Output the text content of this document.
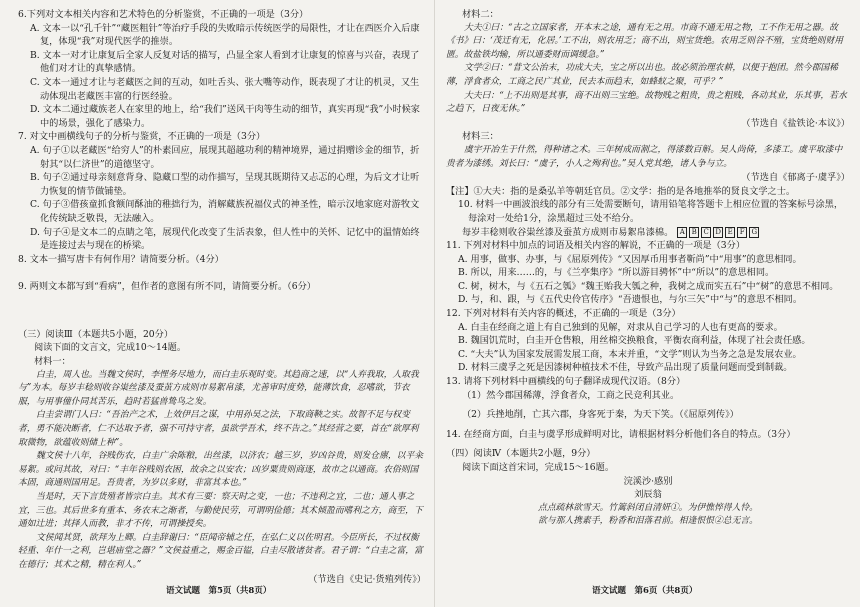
6.下列对文本相关内容和艺术特色的分析鉴赏，不正确的一项是（3分）

A. 文本一以“孔千针”“藏医粗针”等治疗手段的失败暗示传统医学的局限性，才让在西医介入后康复，体现“我”对现代医学的推崇。

B. 文本一对才让康复后全家人反复对话的描写，凸显全家人看到才让康复的惊喜与兴奋，表现了他们对才让的真挚感情。

C. 文本一通过才让与老藏医之间的互动，如吐舌头、张大嘴等动作，既表现了才让的机灵，又生动体现出老藏医丰富的行医经验。

D. 文本二通过藏族老人在家里的地上，给“我们”送风干肉等生动的细节，真实再现“我”小时候家中的场景，强化了感染力。

7. 对文中画横线句子的分析与鉴赏，不正确的一项是（3分）

A. 句子①以老藏医“给穷人”的朴素回应，展现其超越功利的精神境界，通过捐赠诊金的细节，折射其“以仁济世”的道德坚守。

B. 句子②通过母亲刻意背身、隐藏口型的动作描写，呈现其既期待又忐忑的心理，为后文才让听力恢复的情节做铺垫。

C. 句子③借孩童抓食额间酥油的稚拙行为，消解藏族祝福仪式的神圣性，暗示汉地家庭对游牧文化传统缺乏敬畏，无法融入。

D. 句子④是文本二的点睛之笔，展现代化改变了生活表象，但人性中的关怀、记忆中的温情始终是连接过去与现在的桥梁。

8. 文本一描写唐卡有何作用？请简要分析。（4分）

9. 两则文本都写到“看病”，但作者的意图有所不同，请简要分析。（6分）

（三）阅读Ⅲ（本题共5小题，20分）

阅读下面的文言文，完成10～14题。

材料一：

白圭，周人也。当魏文侯时，李悝务尽地力，而白圭乐观时变。其趋商之速，以“人弃我取，人取我与”为本。每岁丰稔则收谷粜丝漆及蚕茧方成则市易絮帛漆，尤善审时度势，能薄饮食，忍嗜欲，节衣服，与用事僮仆同其苦乐，趋时若猛兽鸷鸟之发。

白圭尝谓门人曰：“吾治产之术，上效伊吕之谋，中用孙吴之法，下取商鞅之实。故智不足与权变者，勇不能决断者，仁不达取予者，强不可持守者，虽欲学吾术，终不告之。”其经营之要，首在“欲厚利取微物，欲蕴收则储上种”。

魏文侯十八年，谷贱伤农，白圭广余陈粮，出丝漆，以济农；越三岁，岁凶谷贵，则发仓廪，以平籴易絮。或问其故，对曰：“丰年谷贱则农困，故余之以安农；凶岁粟贵则商逐，故市之以通商。农俗则国本固，商通则国用足。吾贵者，为岁以多财，非富其本也。”

当是时，天下言货殖者皆宗白圭。其术有三要：察天时之变，一也；不违利之宜，二也；通人事之宜，三也。其后世多有重本、务农末之渐者，与勤使民劳，可谓明俭德；其术倾盈而嗜利之方，商至，下通如辻进；其择人而教，非才不传，可谓操授矣。

文侯闻其贤，欲拜为上卿。白圭辞谢曰：“臣闻帝辅之任，在弘仁义以佐明君。今臣所长，不过权衡轻重、年什一之利，岂堪庙堂之器？”文侯益重之，赐金百镒，白圭尽散诸贫者。君子谓：“白圭之富，富在德行；其术之精，精在利人。”

（节选自《史记·货殖列传》）

语文试题　第5页（共8页）

材料二：

大夫①曰：“古之立国家者，开本末之途，通有无之用。市商不通无用之物，工不作无用之器。故《书》曰：‘茂迁有无，化居。’工不出，则农用乏；商不出，则宝货绝。农用乏则谷不殖，宝货绝则财用匮。故盐铁均输，所以通委财而调缓急。”

文学②曰：“昔文公治末，功成大夫，宝之所以出也。故必须治理农耕，以便于抱团。然今郡国稀薄，浮食者众，工商之民广其业，民去本而趋末，如蜂蚁之聚，可乎？”

大夫曰：“上不出则是其事，商不出则三宝绝。故物贱之粗贵，贵之粗贱，各动其业，乐其事，若水之趋下，日夜无休。”

（节选自《盐铁论·本议》）

材料三：

虞宇开冶生于什然，得种诸之术。三年树成而割之，得漆数百斛。吴人尚倚，多漆工。虞平取漆中贵者为漆绣。刘长曰：“虞子，小人之殉利也。”吴人党其绝，诸人争与立。

（节选自《郁离子·虞孚》）

【注】①大夫：指的是桑弘羊等朝廷官员。②文学：指的是各地推举的贤良文学之士。

10. 材料一中画波浪线的部分有三处需要断句，请用铅笔将答题卡上相应位置的答案标号涂黑，每涂对一处给1分，涂黑超过三处不给分。

每岁丰稔则收谷粜丝漆及蚕茧方成则市易絮帛漆棉。 A B C D E F G

11. 下列对材料中加点的词语及相关内容的解说，不正确的一项是（3分）

A. 用事，做事、办事，与《屈原列传》“又因厚币用事者靳尚”中“用事”的意思相同。

B. 所以，用来……的，与《兰亭集序》“所以游目骋怀”中“所以”的意思相同。

C. 树，树木，与《五石之瓠》“魏王贻我大瓠之种，我树之成而实五石”中“树”的意思不相同。

D. 与，和、跟，与《五代史伶官传序》“吾遗恨也，与尔三矢”中“与”的意思不相同。

12. 下列对材料有关内容的概述，不正确的一项是（3分）

A. 白圭在经商之道上有自己独到的见解，对隶从自己学习的人也有更高的要求。

B. 魏国饥荒时，白圭开仓售粮，用丝棉交换粮食，平衡农商利益，体现了社会责任感。

C. “大夫”认为国家发展需发展工商，本末并重，“文学”则认为当务之急是发展农业。

D. 材料三虞孚之死是因漆树种植技术不佳，导致产品出现了质量问题而受到制裁。

13. 请将下列材料中画横线的句子翻译成现代汉语。（8分）

（1）然今郡国稀薄，浮食者众，工商之民竞利其业。

（2）兵挫地削，亡其六郡，身客死于秦，为天下笑。（《屈原列传》）

14. 在经商方面，白圭与虞孚形成鲜明对比，请根据材料分析他们各自的特点。（3分）

（四）阅读Ⅳ（本题共2小题，9分）

阅读下面这首宋词，完成15～16题。

浣溪沙·感别

刘辰翁

点点疏林欲雪天。竹篱斜闭自清妍①。为伊憔悴得人怜。

欲与那人携素手，粉香和泪落君前。相逢恨恨②总无言。

语文试题　第6页（共8页）
